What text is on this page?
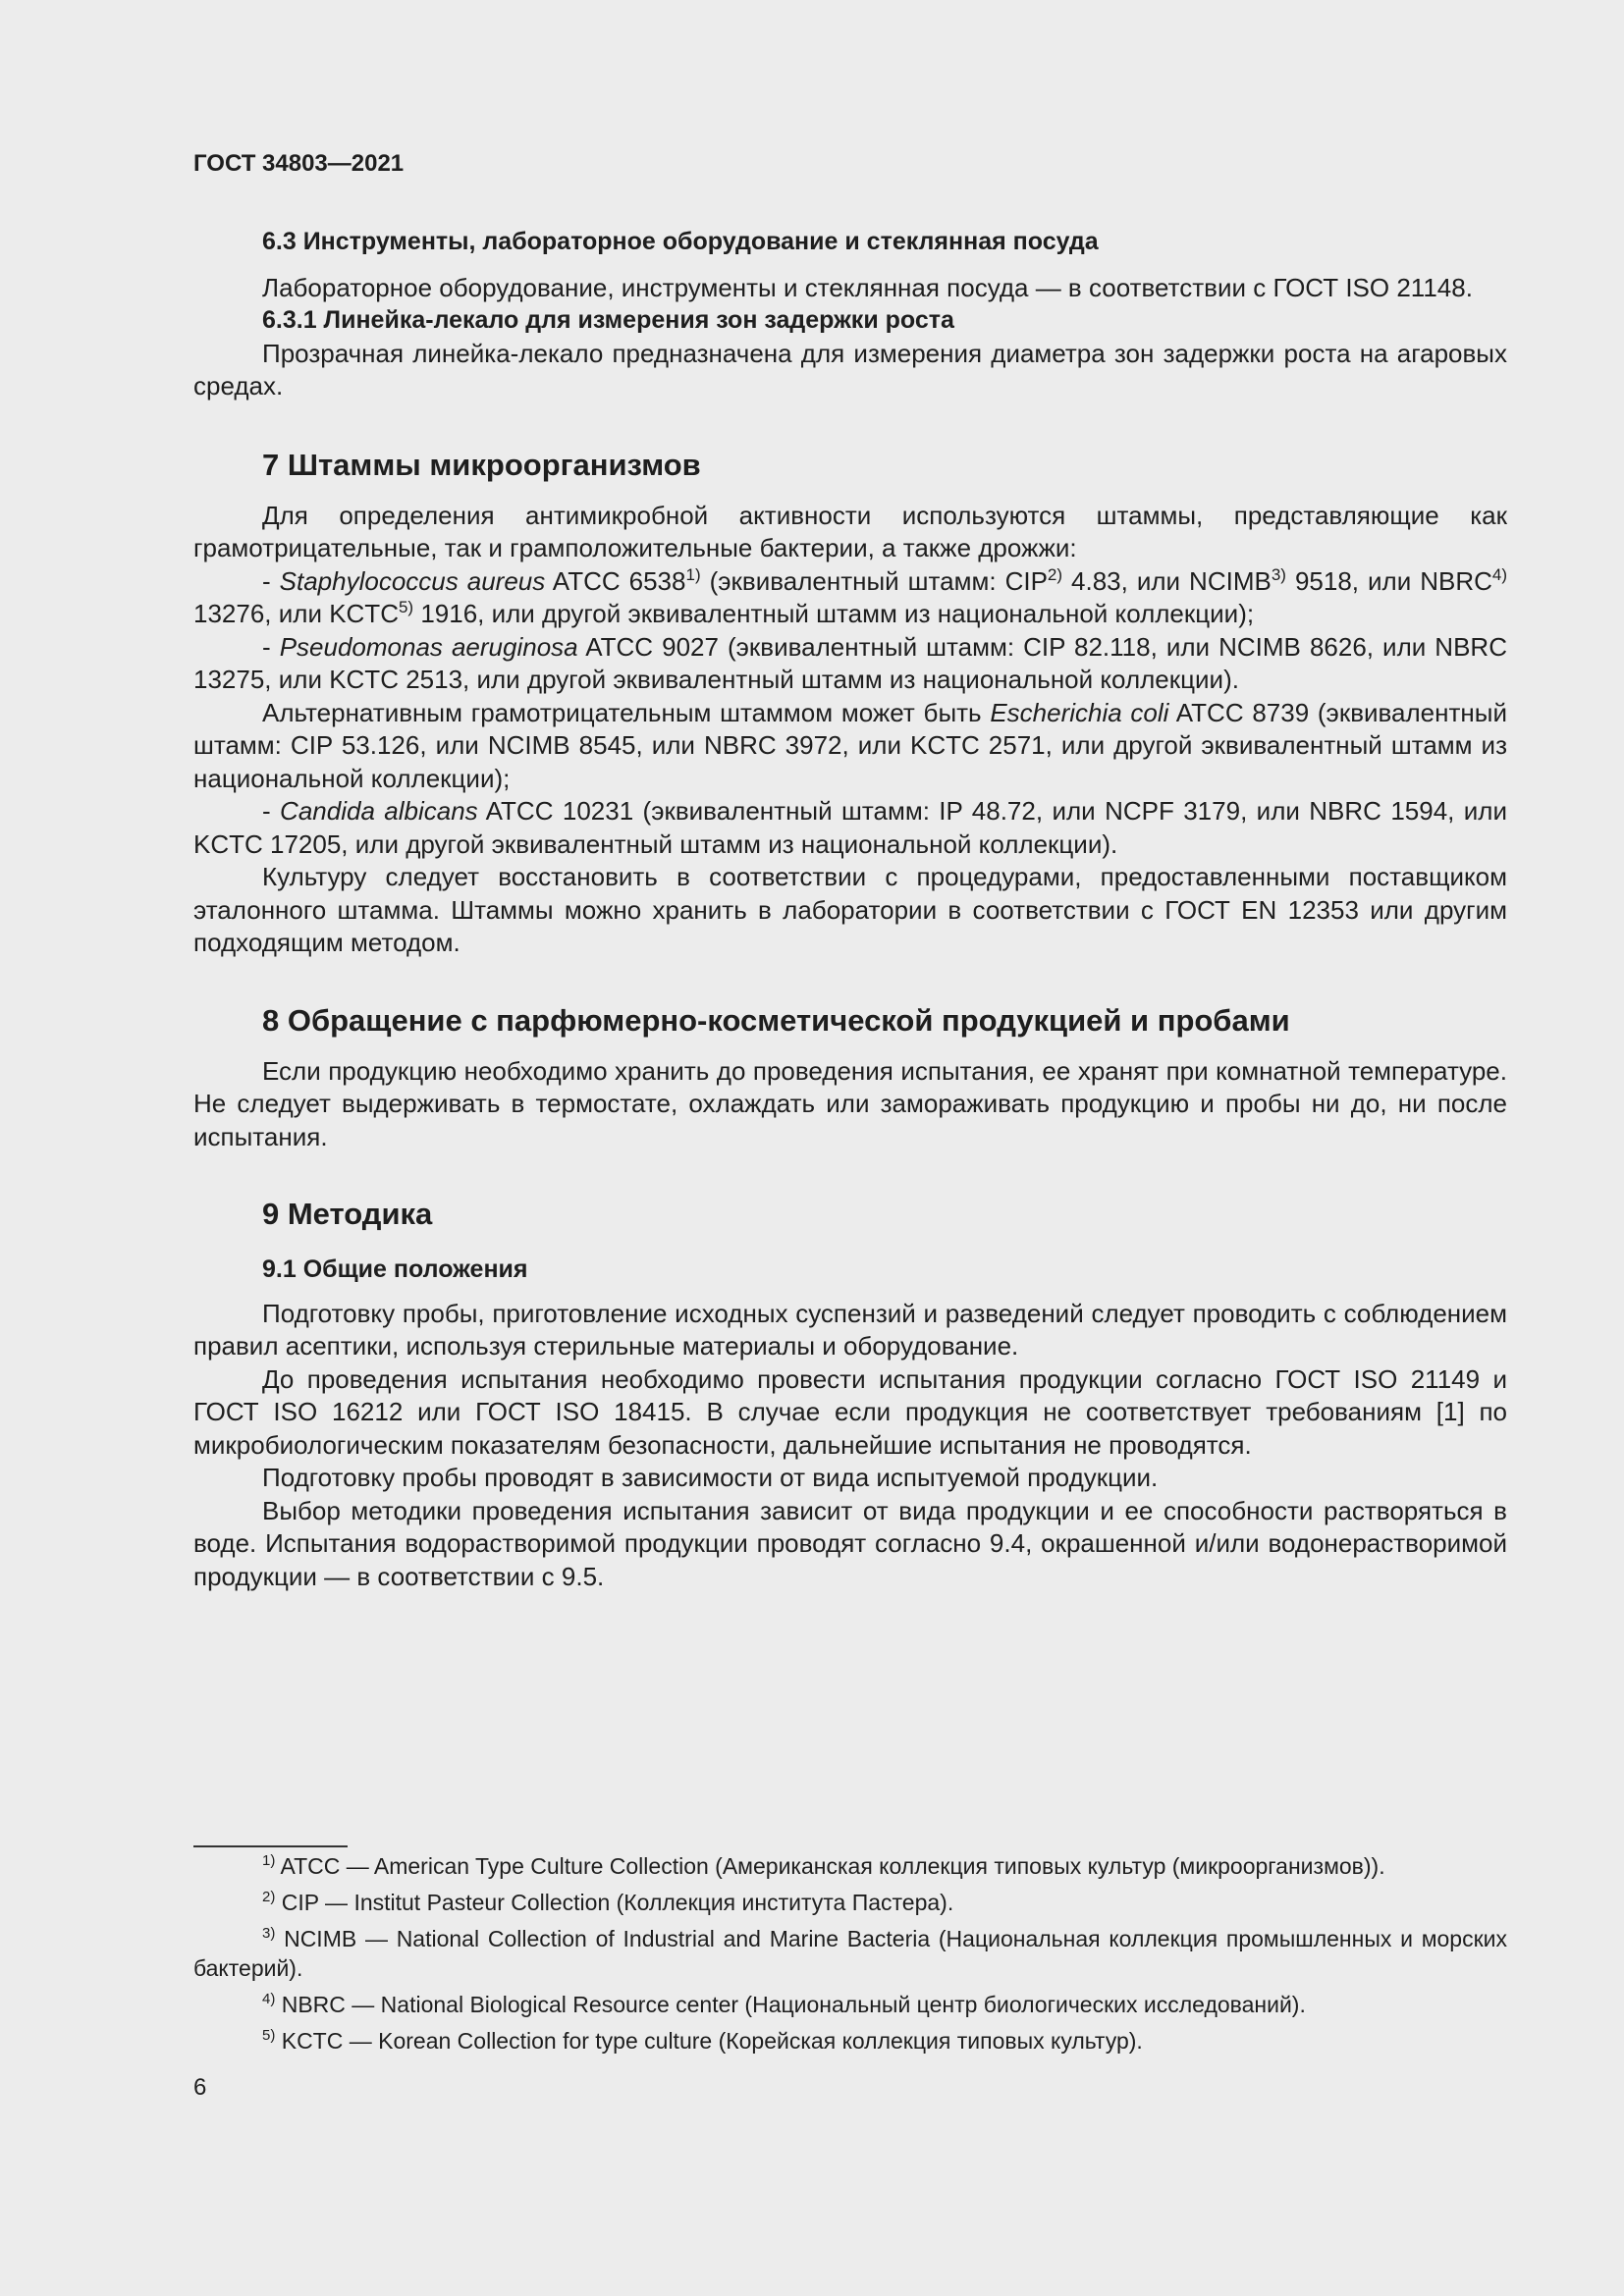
ГОСТ 34803—2021
6.3 Инструменты, лабораторное оборудование и стеклянная посуда

Лабораторное оборудование, инструменты и стеклянная посуда — в соответствии с ГОСТ ISO 21148.

6.3.1 Линейка-лекало для измерения зон задержки роста

Прозрачная линейка-лекало предназначена для измерения диаметра зон задержки роста на агаровых средах.

7 Штаммы микроорганизмов

Для определения антимикробной активности используются штаммы, представляющие как грамотрицательные, так и грамположительные бактерии, а также дрожжи:

- Staphylococcus aureus ATCC 6538$^{1)}$ (эквивалентный штамм: CIP$^{2)}$ 4.83, или NCIMB$^{3)}$ 9518, или NBRC$^{4)}$ 13276, или KCTC$^{5)}$ 1916, или другой эквивалентный штамм из национальной коллекции);

- Pseudomonas aeruginosa ATCC 9027 (эквивалентный штамм: CIP 82.118, или NCIMB 8626, или NBRC 13275, или KCTC 2513, или другой эквивалентный штамм из национальной коллекции).

Альтернативным грамотрицательным штаммом может быть Escherichia coli ATCC 8739 (эквивалентный штамм: CIP 53.126, или NCIMB 8545, или NBRC 3972, или KCTC 2571, или другой эквивалентный штамм из национальной коллекции);

- Candida albicans ATCC 10231 (эквивалентный штамм: IP 48.72, или NCPF 3179, или NBRC 1594, или KCTC 17205, или другой эквивалентный штамм из национальной коллекции).

Культуру следует восстановить в соответствии с процедурами, предоставленными поставщиком эталонного штамма. Штаммы можно хранить в лаборатории в соответствии с ГОСТ EN 12353 или другим подходящим методом.

8 Обращение с парфюмерно-косметической продукцией и пробами

Если продукцию необходимо хранить до проведения испытания, ее хранят при комнатной температуре. Не следует выдерживать в термостате, охлаждать или замораживать продукцию и пробы ни до, ни после испытания.

9 Методика
9.1 Общие положения

Подготовку пробы, приготовление исходных суспензий и разведений следует проводить с соблюдением правил асептики, используя стерильные материалы и оборудование.

До проведения испытания необходимо провести испытания продукции согласно ГОСТ ISO 21149 и ГОСТ ISO 16212 или ГОСТ ISO 18415. В случае если продукция не соответствует требованиям [1] по микробиологическим показателям безопасности, дальнейшие испытания не проводятся.

Подготовку пробы проводят в зависимости от вида испытуемой продукции.

Выбор методики проведения испытания зависит от вида продукции и ее способности растворяться в воде. Испытания водорастворимой продукции проводят согласно 9.4, окрашенной и/или водонерастворимой продукции — в соответствии с 9.5.

$^{1)}$ ATCC — American Type Culture Collection (Американская коллекция типовых культур (микроорганизмов)).

$^{2)}$ CIP — Institut Pasteur Collection (Коллекция института Пастера).

$^{3)}$ NCIMB — National Collection of Industrial and Marine Bacteria (Национальная коллекция промышленных и морских бактерий).

$^{4)}$ NBRC — National Biological Resource center (Национальный центр биологических исследований).

$^{5)}$ KCTC — Korean Collection for type culture (Корейская коллекция типовых культур).

6
